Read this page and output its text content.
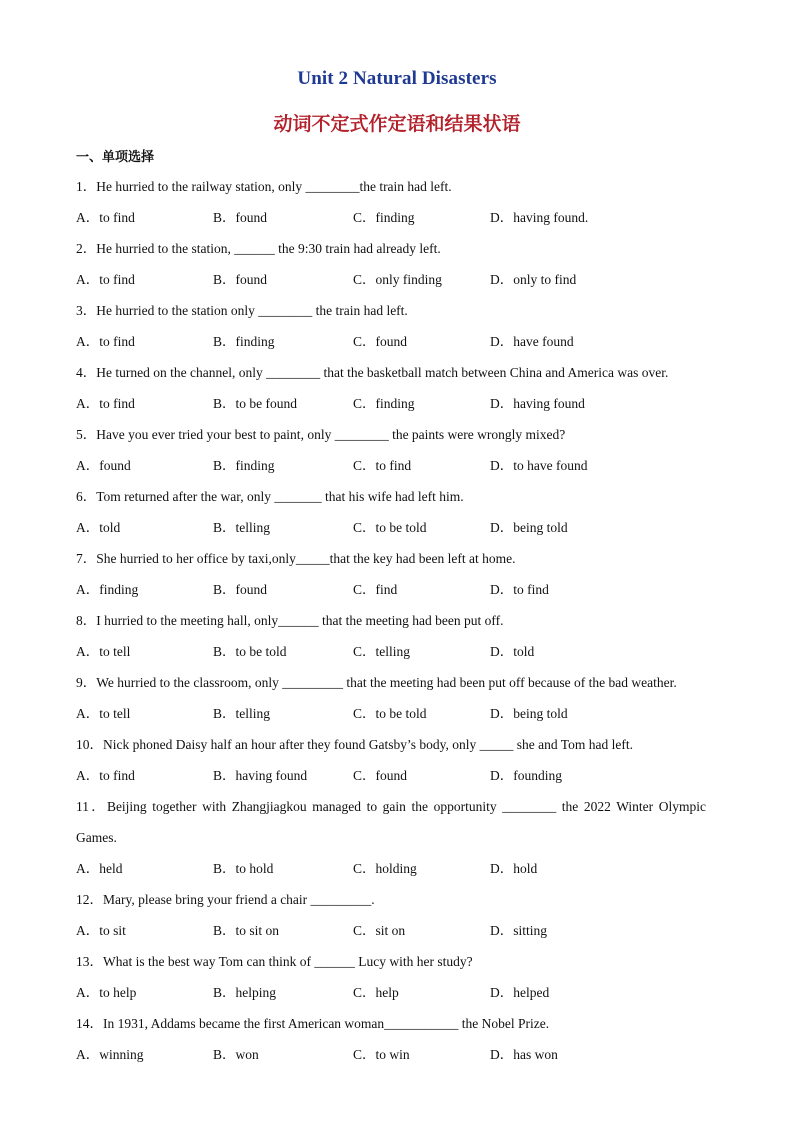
Unit 2 Natural Disasters
动词不定式作定语和结果状语
一、单项选择
1．He hurried to the railway station, only ________the train had left.
A．to find	B．found	C．finding	D．having found.
2．He hurried to the station, ______ the 9:30 train had already left.
A．to find	B．found	C．only finding	D．only to find
3．He hurried to the station only ________ the train had left.
A．to find	B．finding	C．found	D．have found
4．He turned on the channel, only ________ that the basketball match between China and America was over.
A．to find	B．to be found	C．finding	D．having found
5．Have you ever tried your best to paint, only ________ the paints were wrongly mixed?
A．found	B．finding	C．to find	D．to have found
6．Tom returned after the war, only _______ that his wife had left him.
A．told	B．telling	C．to be told	D．being told
7．She hurried to her office by taxi,only_____that the key had been left at home.
A．finding	B．found	C．find	D．to find
8．I hurried to the meeting hall, only______ that the meeting had been put off.
A．to tell	B．to be told	C．telling	D．told
9．We hurried to the classroom, only _________ that the meeting had been put off because of the bad weather.
A．to tell	B．telling	C．to be told	D．being told
10．Nick phoned Daisy half an hour after they found Gatsby’s body, only _____ she and Tom had left.
A．to find	B．having found	C．found	D．founding
11．Beijing together with Zhangjiagkou managed to gain the opportunity ________ the 2022 Winter Olympic Games.
A．held	B．to hold	C．holding	D．hold
12．Mary, please bring your friend a chair _________.
A．to sit	B．to sit on	C．sit on	D．sitting
13．What is the best way Tom can think of ______ Lucy with her study?
A．to help	B．helping	C．help	D．helped
14．In 1931, Addams became the first American woman___________ the Nobel Prize.
A．winning	B．won	C．to win	D．has won
